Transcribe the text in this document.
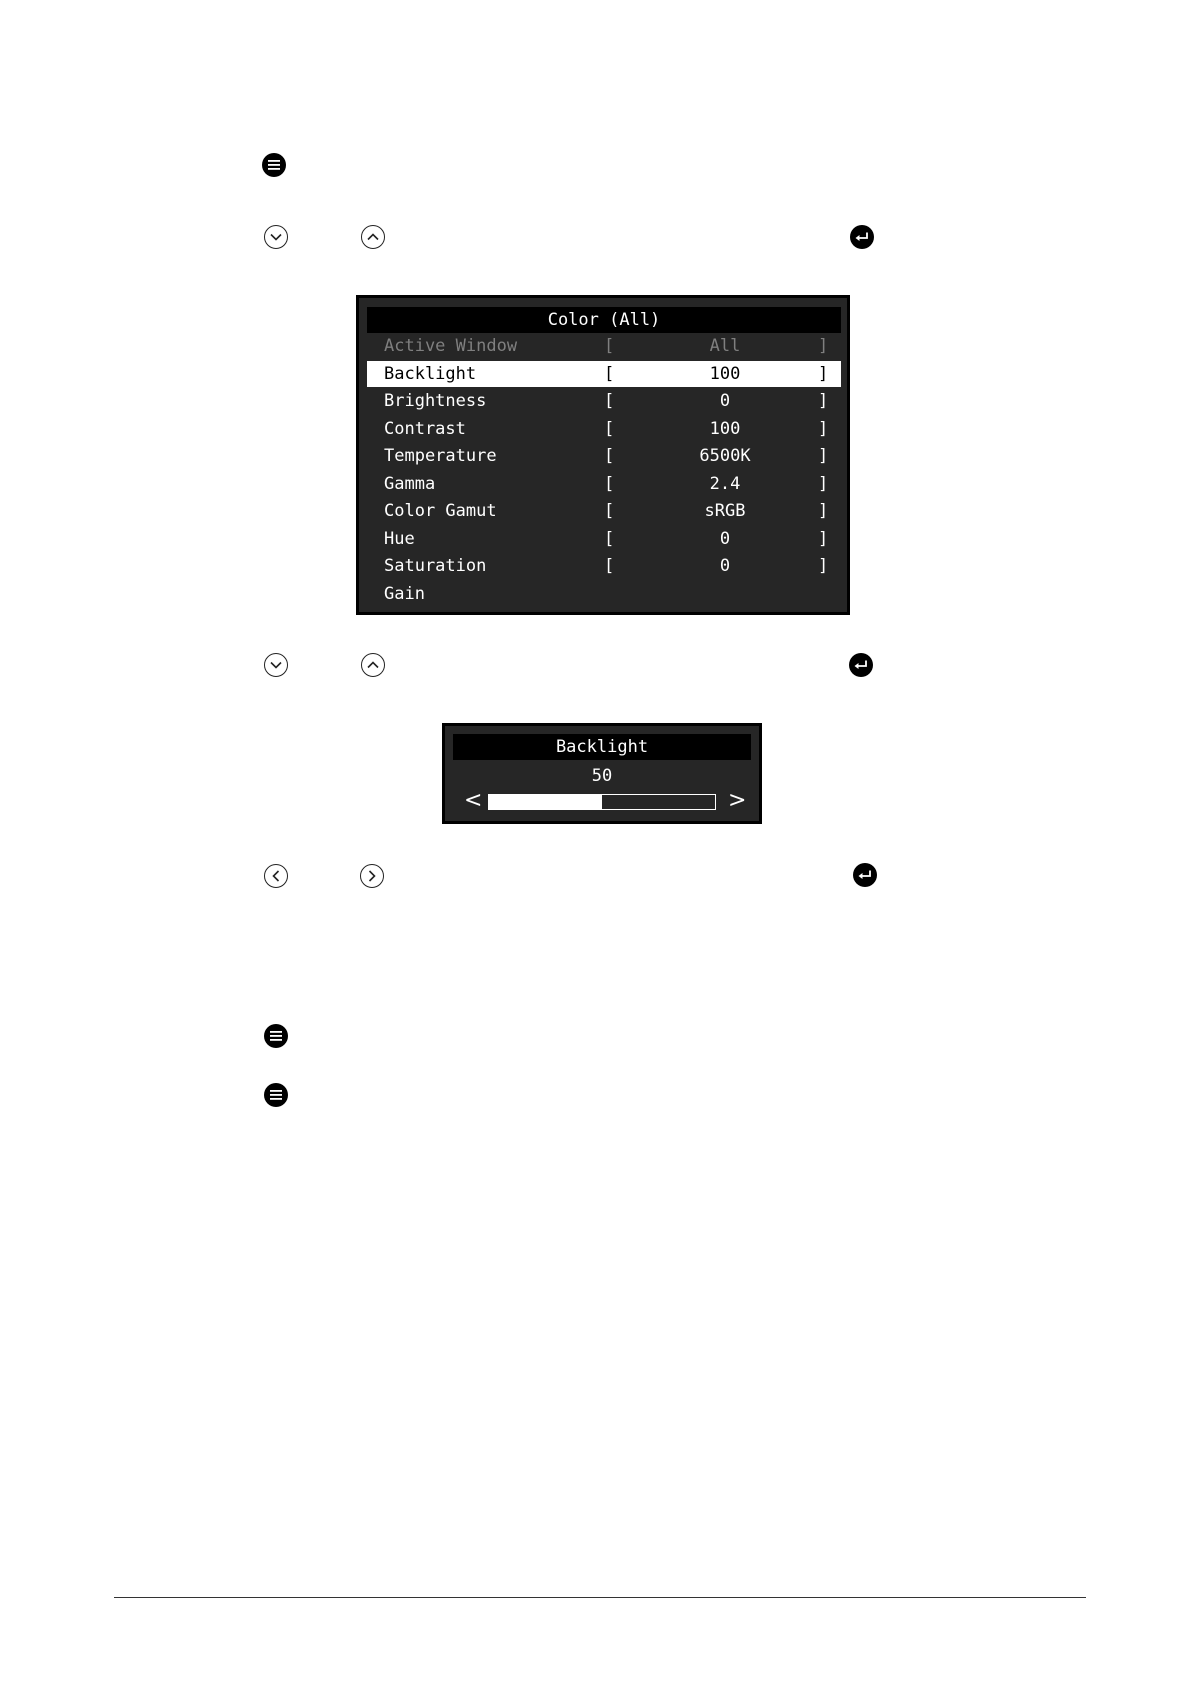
Color (All)
Active Window	[	All	]
Backlight	[	100	]
Brightness	[	0	]
Contrast	[	100	]
Temperature	[	6500K	]
Gamma	[	2.4	]
Color Gamut	[	sRGB	]
Hue	[	0	]
Saturation	[	0	]
Gain
Backlight
50
<	>
